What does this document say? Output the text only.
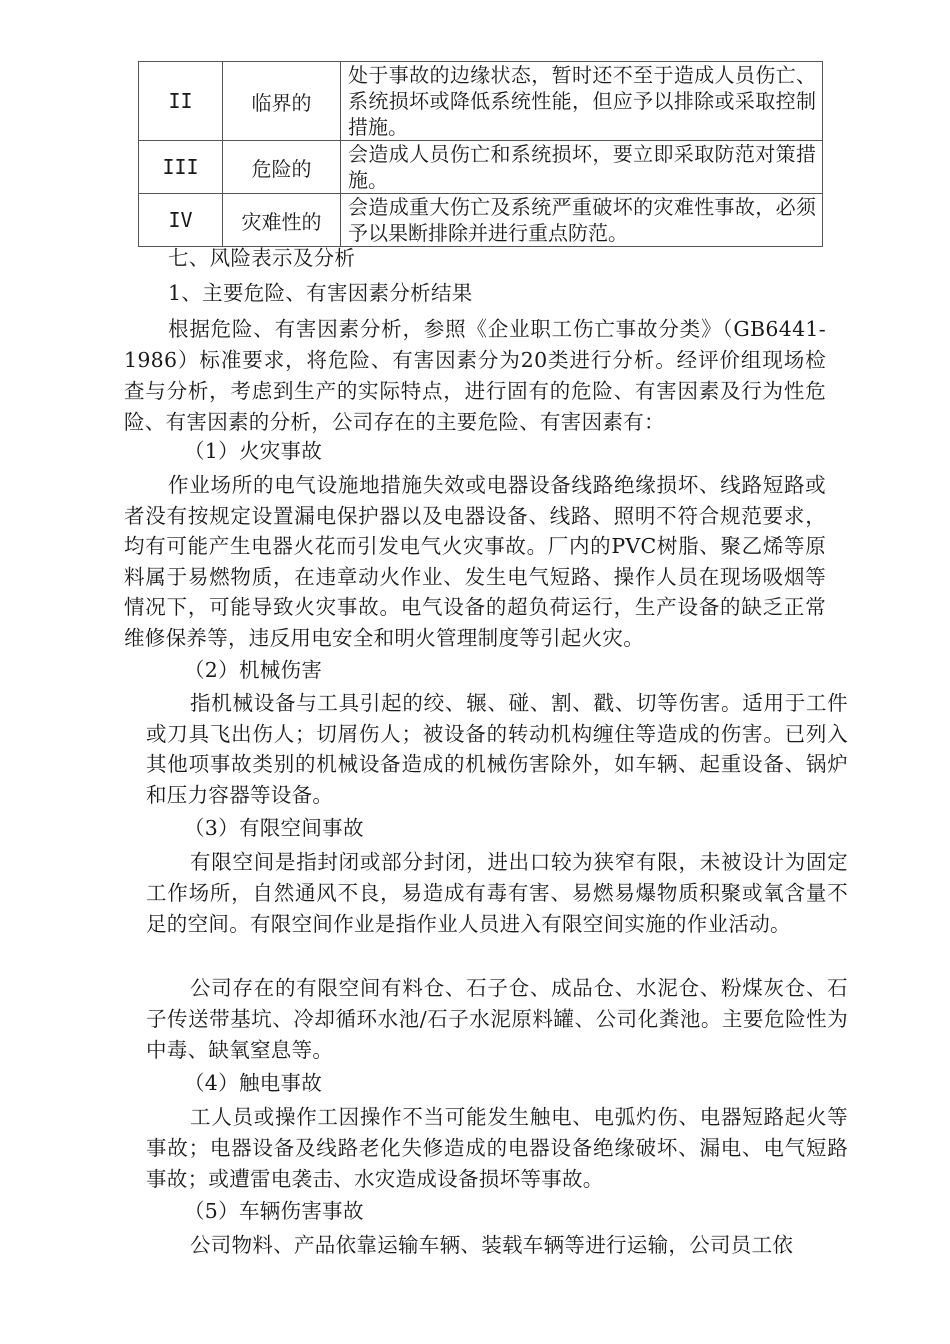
II	临界的	处于事故的边缘状态，暂时还不至于造成人员伤亡、系统损坏或降低系统性能，但应予以排除或采取控制措施。
III	危险的	会造成人员伤亡和系统损坏，要立即采取防范对策措施。
IV	灾难性的	会造成重大伤亡及系统严重破坏的灾难性事故，必须予以果断排除并进行重点防范。
七、风险表示及分析
1、主要危险、有害因素分析结果
根据危险、有害因素分析，参照《企业职工伤亡事故分类》（GB6441-1986）标准要求，将危险、有害因素分为20类进行分析。经评价组现场检查与分析，考虑到生产的实际特点，进行固有的危险、有害因素及行为性危险、有害因素的分析，公司存在的主要危险、有害因素有：
（1）火灾事故
作业场所的电气设施地措施失效或电器设备线路绝缘损坏、线路短路或者没有按规定设置漏电保护器以及电器设备、线路、照明不符合规范要求，均有可能产生电器火花而引发电气火灾事故。厂内的PVC树脂、聚乙烯等原料属于易燃物质，在违章动火作业、发生电气短路、操作人员在现场吸烟等情况下，可能导致火灾事故。电气设备的超负荷运行，生产设备的缺乏正常维修保养等，违反用电安全和明火管理制度等引起火灾。
（2）机械伤害
指机械设备与工具引起的绞、辗、碰、割、戳、切等伤害。适用于工件或刀具飞出伤人；切屑伤人；被设备的转动机构缠住等造成的伤害。已列入其他项事故类别的机械设备造成的机械伤害除外，如车辆、起重设备、锅炉和压力容器等设备。
（3）有限空间事故
有限空间是指封闭或部分封闭，进出口较为狭窄有限，未被设计为固定工作场所，自然通风不良，易造成有毒有害、易燃易爆物质积聚或氧含量不足的空间。有限空间作业是指作业人员进入有限空间实施的作业活动。
公司存在的有限空间有料仓、石子仓、成品仓、水泥仓、粉煤灰仓、石子传送带基坑、冷却循环水池/石子水泥原料罐、公司化粪池。主要危险性为中毒、缺氧窒息等。
（4）触电事故
工人员或操作工因操作不当可能发生触电、电弧灼伤、电器短路起火等事故；电器设备及线路老化失修造成的电器设备绝缘破坏、漏电、电气短路事故；或遭雷电袭击、水灾造成设备损坏等事故。
（5）车辆伤害事故
公司物料、产品依靠运输车辆、装载车辆等进行运输，公司员工依
